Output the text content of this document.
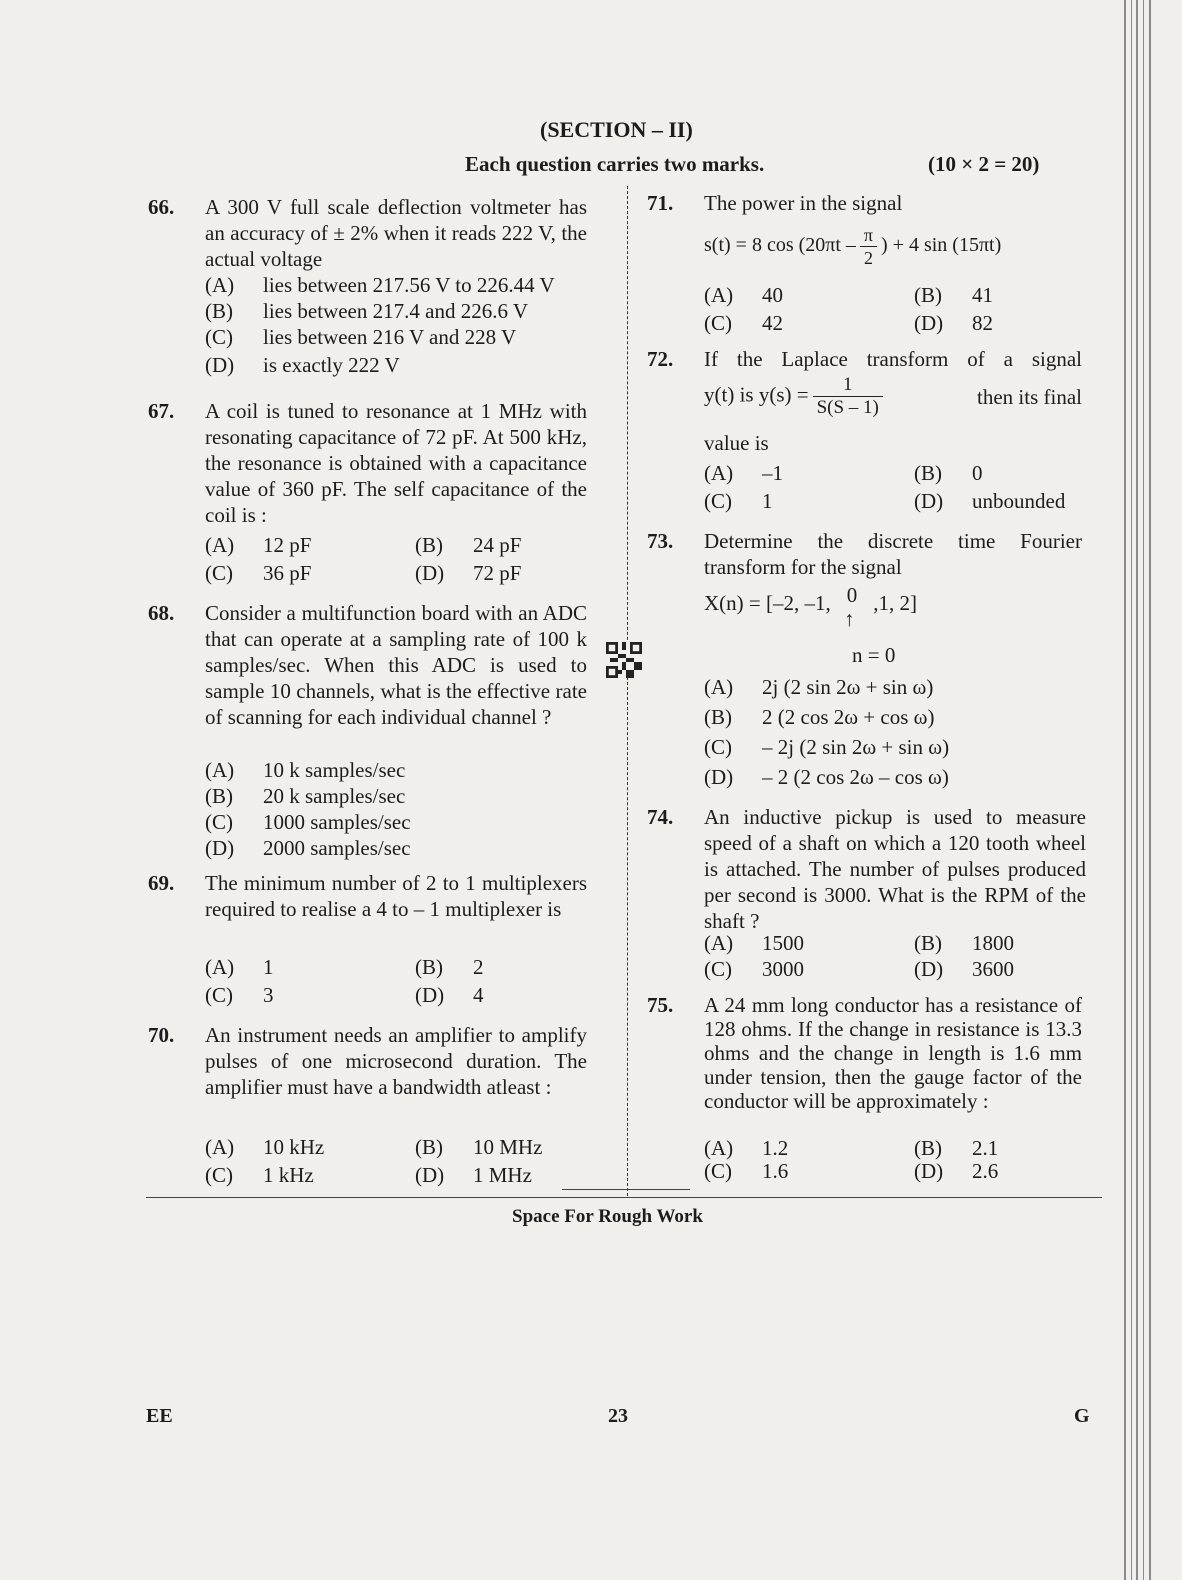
(SECTION – II)
Each question carries two marks.	(10 × 2 = 20)
66. A 300 V full scale deflection voltmeter has an accuracy of ± 2% when it reads 222 V, the actual voltage
(A) lies between 217.56 V to 226.44 V
(B) lies between 217.4 and 226.6 V
(C) lies between 216 V and 228 V
(D) is exactly 222 V
67. A coil is tuned to resonance at 1 MHz with resonating capacitance of 72 pF. At 500 kHz, the resonance is obtained with a capacitance value of 360 pF. The self capacitance of the coil is :
(A) 12 pF	(B) 24 pF
(C) 36 pF	(D) 72 pF
68. Consider a multifunction board with an ADC that can operate at a sampling rate of 100 k samples/sec. When this ADC is used to sample 10 channels, what is the effective rate of scanning for each individual channel ?
(A) 10 k samples/sec
(B) 20 k samples/sec
(C) 1000 samples/sec
(D) 2000 samples/sec
69. The minimum number of 2 to 1 multiplexers required to realise a 4 to – 1 multiplexer is
(A) 1	(B) 2
(C) 3	(D) 4
70. An instrument needs an amplifier to amplify pulses of one microsecond duration. The amplifier must have a bandwidth atleast :
(A) 10 kHz	(B) 10 MHz
(C) 1 kHz	(D) 1 MHz
71. The power in the signal
s(t) = 8 $\cos (20\pi t - \frac{\pi}{2}$ ) + 4 sin (15πt)
(A) 40	(B) 41
(C) 42	(D) 82
72. If the Laplace transform of a signal
y(t) is $y(s) = \frac{1}{S(S - 1)}$	then its final
value is
(A) –1	(B) 0
(C) 1	(D) unbounded
73. Determine the discrete time Fourier transform for the signal
X(n) = [–2, –1, 0
↑
,1, 2]
n = 0
(A) 2j (2 sin 2ω + sin ω)
(B) 2 (2 cos 2ω + cos ω)
(C) – 2j (2 sin 2ω + sin ω)
(D) – 2 (2 cos 2ω – cos ω)
74. An inductive pickup is used to measure speed of a shaft on which a 120 tooth wheel is attached. The number of pulses produced per second is 3000. What is the RPM of the shaft ?
(A) 1500	(B) 1800
(C) 3000	(D) 3600
75. A 24 mm long conductor has a resistance of 128 ohms. If the change in resistance is 13.3 ohms and the change in length is 1.6 mm under tension, then the gauge factor of the conductor will be approximately :
(A) 1.2	(B) 2.1
(C) 1.6	(D) 2.6
Space For Rough Work
EE	23	G
